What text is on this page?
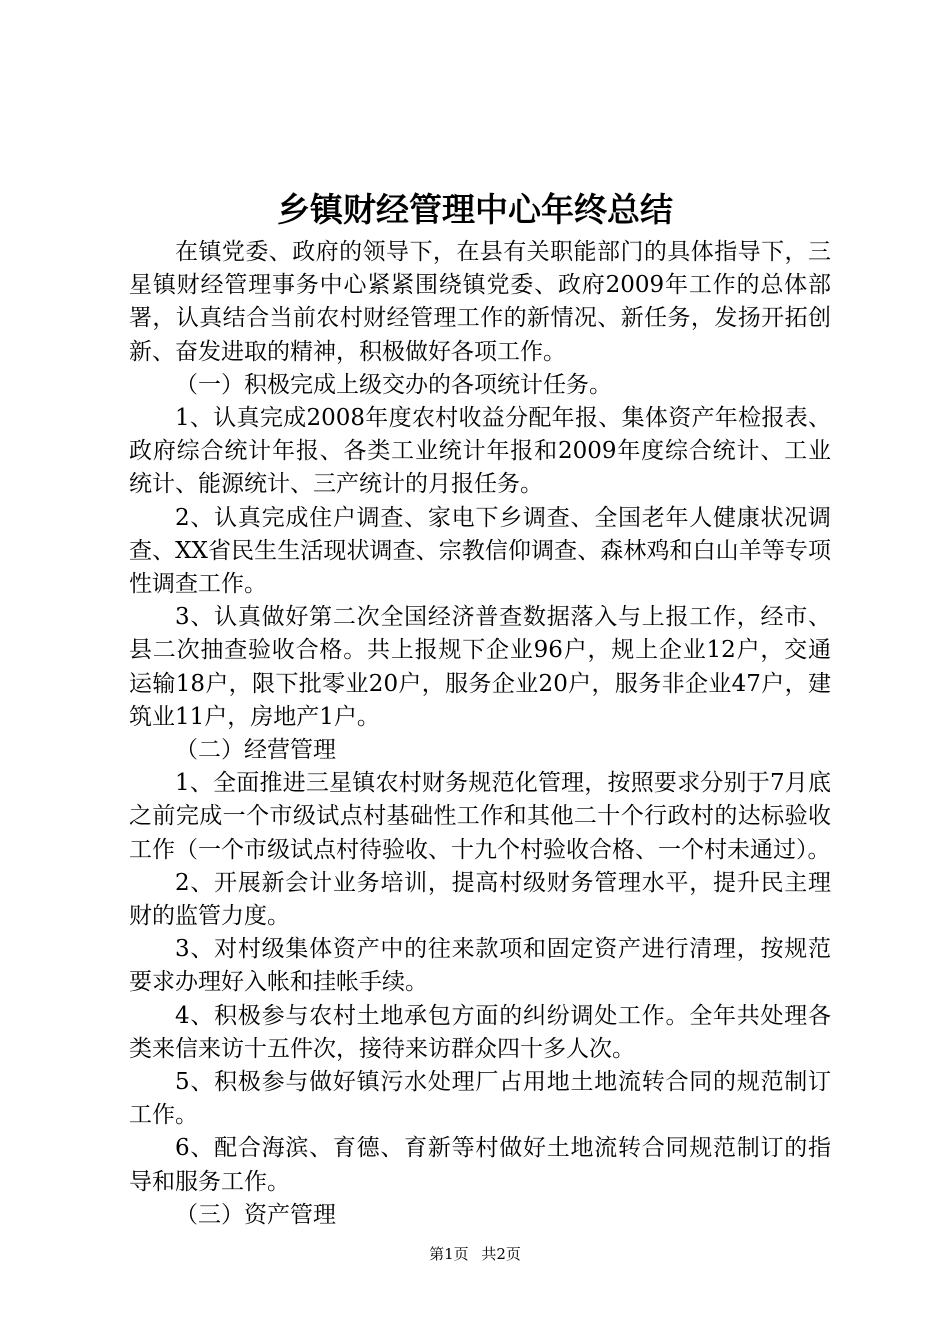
乡镇财经管理中心年终总结

在镇党委、政府的领导下，在县有关职能部门的具体指导下，三星镇财经管理事务中心紧紧围绕镇党委、政府2009年工作的总体部署，认真结合当前农村财经管理工作的新情况、新任务，发扬开拓创新、奋发进取的精神，积极做好各项工作。

（一）积极完成上级交办的各项统计任务。

1、认真完成2008年度农村收益分配年报、集体资产年检报表、政府综合统计年报、各类工业统计年报和2009年度综合统计、工业统计、能源统计、三产统计的月报任务。

2、认真完成住户调查、家电下乡调查、全国老年人健康状况调查、XX省民生生活现状调查、宗教信仰调查、森林鸡和白山羊等专项性调查工作。

3、认真做好第二次全国经济普查数据落入与上报工作，经市、县二次抽查验收合格。共上报规下企业96户，规上企业12户，交通运输18户，限下批零业20户，服务企业20户，服务非企业47户，建筑业11户，房地产1户。

（二）经营管理

1、全面推进三星镇农村财务规范化管理，按照要求分别于7月底之前完成一个市级试点村基础性工作和其他二十个行政村的达标验收工作（一个市级试点村待验收、十九个村验收合格、一个村未通过）。

2、开展新会计业务培训，提高村级财务管理水平，提升民主理财的监管力度。

3、对村级集体资产中的往来款项和固定资产进行清理，按规范要求办理好入帐和挂帐手续。

4、积极参与农村土地承包方面的纠纷调处工作。全年共处理各类来信来访十五件次，接待来访群众四十多人次。

5、积极参与做好镇污水处理厂占用地土地流转合同的规范制订工作。

6、配合海滨、育德、育新等村做好土地流转合同规范制订的指导和服务工作。

（三）资产管理

第1页 共2页
